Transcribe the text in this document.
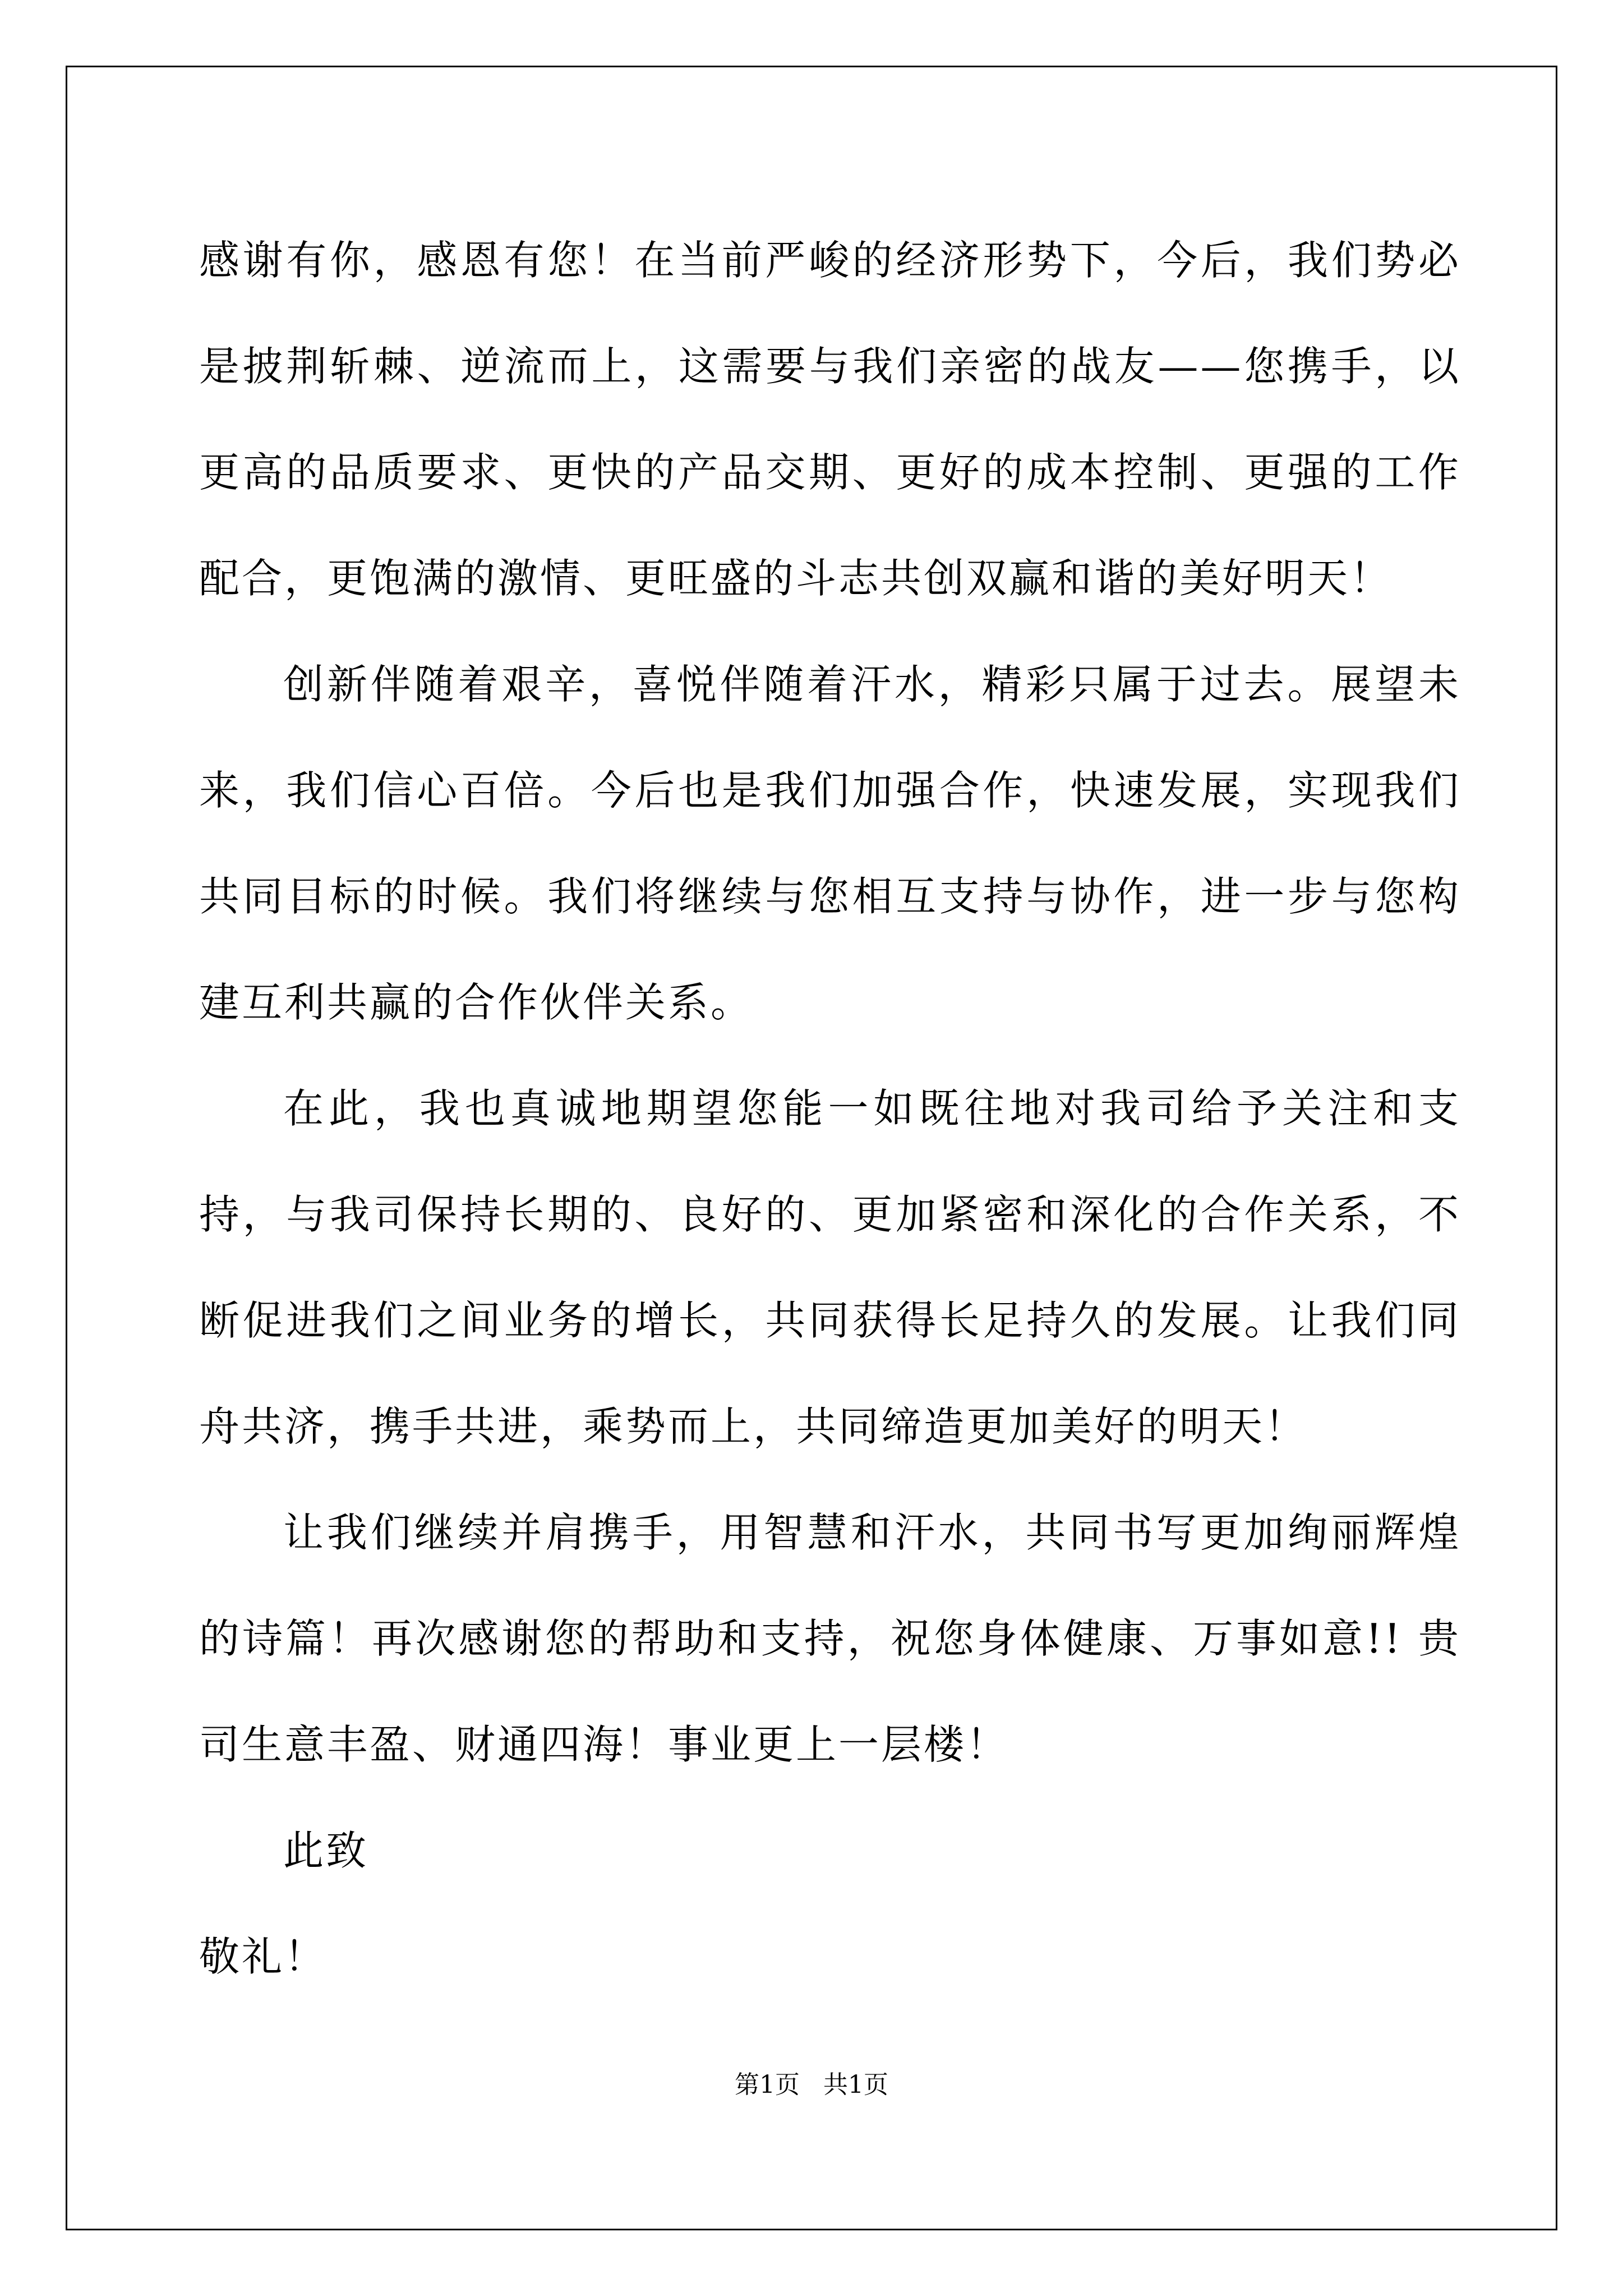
感谢有你，感恩有您！在当前严峻的经济形势下，今后，我们势必是披荆斩棘、逆流而上，这需要与我们亲密的战友——您携手，以更高的品质要求、更快的产品交期、更好的成本控制、更强的工作配合，更饱满的激情、更旺盛的斗志共创双赢和谐的美好明天！

创新伴随着艰辛，喜悦伴随着汗水，精彩只属于过去。展望未来，我们信心百倍。今后也是我们加强合作，快速发展，实现我们共同目标的时候。我们将继续与您相互支持与协作，进一步与您构建互利共赢的合作伙伴关系。

在此，我也真诚地期望您能一如既往地对我司给予关注和支持，与我司保持长期的、良好的、更加紧密和深化的合作关系，不断促进我们之间业务的增长，共同获得长足持久的发展。让我们同舟共济，携手共进，乘势而上，共同缔造更加美好的明天！

让我们继续并肩携手，用智慧和汗水，共同书写更加绚丽辉煌的诗篇！再次感谢您的帮助和支持，祝您身体健康、万事如意!! 贵司生意丰盈、财通四海！事业更上一层楼！

此致

敬礼！

第1页   共1页
